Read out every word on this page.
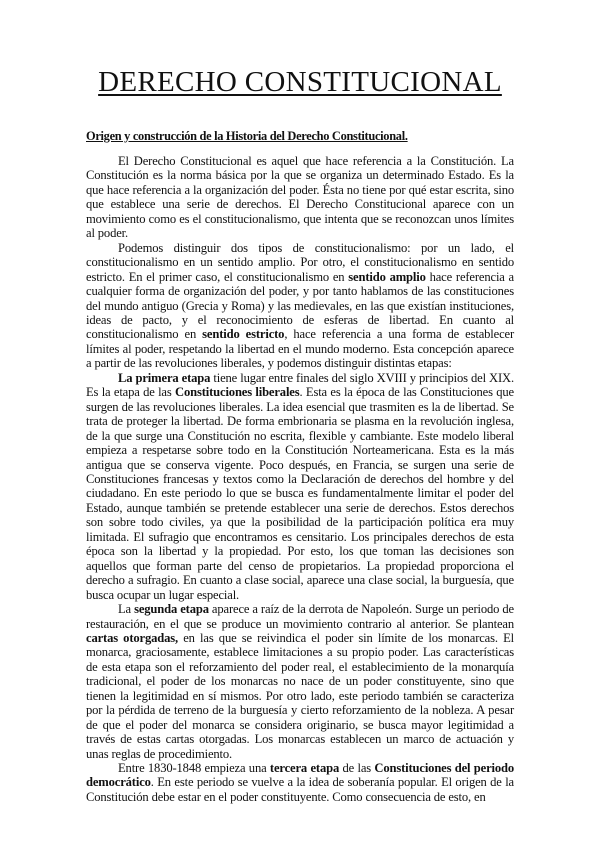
DERECHO CONSTITUCIONAL
Origen y construcción de la Historia del Derecho Constitucional.

El Derecho Constitucional es aquel que hace referencia a la Constitución. La Constitución es la norma básica por la que se organiza un determinado Estado. Es la que hace referencia a la organización del poder. Ésta no tiene por qué estar escrita, sino que establece una serie de derechos. El Derecho Constitucional aparece con un movimiento como es el constitucionalismo, que intenta que se reconozcan unos límites al poder.

Podemos distinguir dos tipos de constitucionalismo: por un lado, el constitucionalismo en un sentido amplio. Por otro, el constitucionalismo en sentido estricto. En el primer caso, el constitucionalismo en sentido amplio hace referencia a cualquier forma de organización del poder, y por tanto hablamos de las constituciones del mundo antiguo (Grecia y Roma) y las medievales, en las que existían instituciones, ideas de pacto, y el reconocimiento de esferas de libertad. En cuanto al constitucionalismo en sentido estricto, hace referencia a una forma de establecer límites al poder, respetando la libertad en el mundo moderno. Esta concepción aparece a partir de las revoluciones liberales, y podemos distinguir distintas etapas:

La primera etapa tiene lugar entre finales del siglo XVIII y principios del XIX. Es la etapa de las Constituciones liberales. Esta es la época de las Constituciones que surgen de las revoluciones liberales. La idea esencial que trasmiten es la de libertad. Se trata de proteger la libertad. De forma embrionaria se plasma en la revolución inglesa, de la que surge una Constitución no escrita, flexible y cambiante. Este modelo liberal empieza a respetarse sobre todo en la Constitución Norteamericana. Esta es la más antigua que se conserva vigente. Poco después, en Francia, se surgen una serie de Constituciones francesas y textos como la Declaración de derechos del hombre y del ciudadano. En este periodo lo que se busca es fundamentalmente limitar el poder del Estado, aunque también se pretende establecer una serie de derechos. Estos derechos son sobre todo civiles, ya que la posibilidad de la participación política era muy limitada. El sufragio que encontramos es censitario. Los principales derechos de esta época son la libertad y la propiedad. Por esto, los que toman las decisiones son aquellos que forman parte del censo de propietarios. La propiedad proporciona el derecho a sufragio. En cuanto a clase social, aparece una clase social, la burguesía, que busca ocupar un lugar especial.

La segunda etapa aparece a raíz de la derrota de Napoleón. Surge un periodo de restauración, en el que se produce un movimiento contrario al anterior. Se plantean cartas otorgadas, en las que se reivindica el poder sin límite de los monarcas. El monarca, graciosamente, establece limitaciones a su propio poder. Las características de esta etapa son el reforzamiento del poder real, el establecimiento de la monarquía tradicional, el poder de los monarcas no nace de un poder constituyente, sino que tienen la legitimidad en sí mismos. Por otro lado, este periodo también se caracteriza por la pérdida de terreno de la burguesía y cierto reforzamiento de la nobleza. A pesar de que el poder del monarca se considera originario, se busca mayor legitimidad a través de estas cartas otorgadas. Los monarcas establecen un marco de actuación y unas reglas de procedimiento.

Entre 1830-1848 empieza una tercera etapa de las Constituciones del periodo democrático. En este periodo se vuelve a la idea de soberanía popular. El origen de la Constitución debe estar en el poder constituyente. Como consecuencia de esto, en
